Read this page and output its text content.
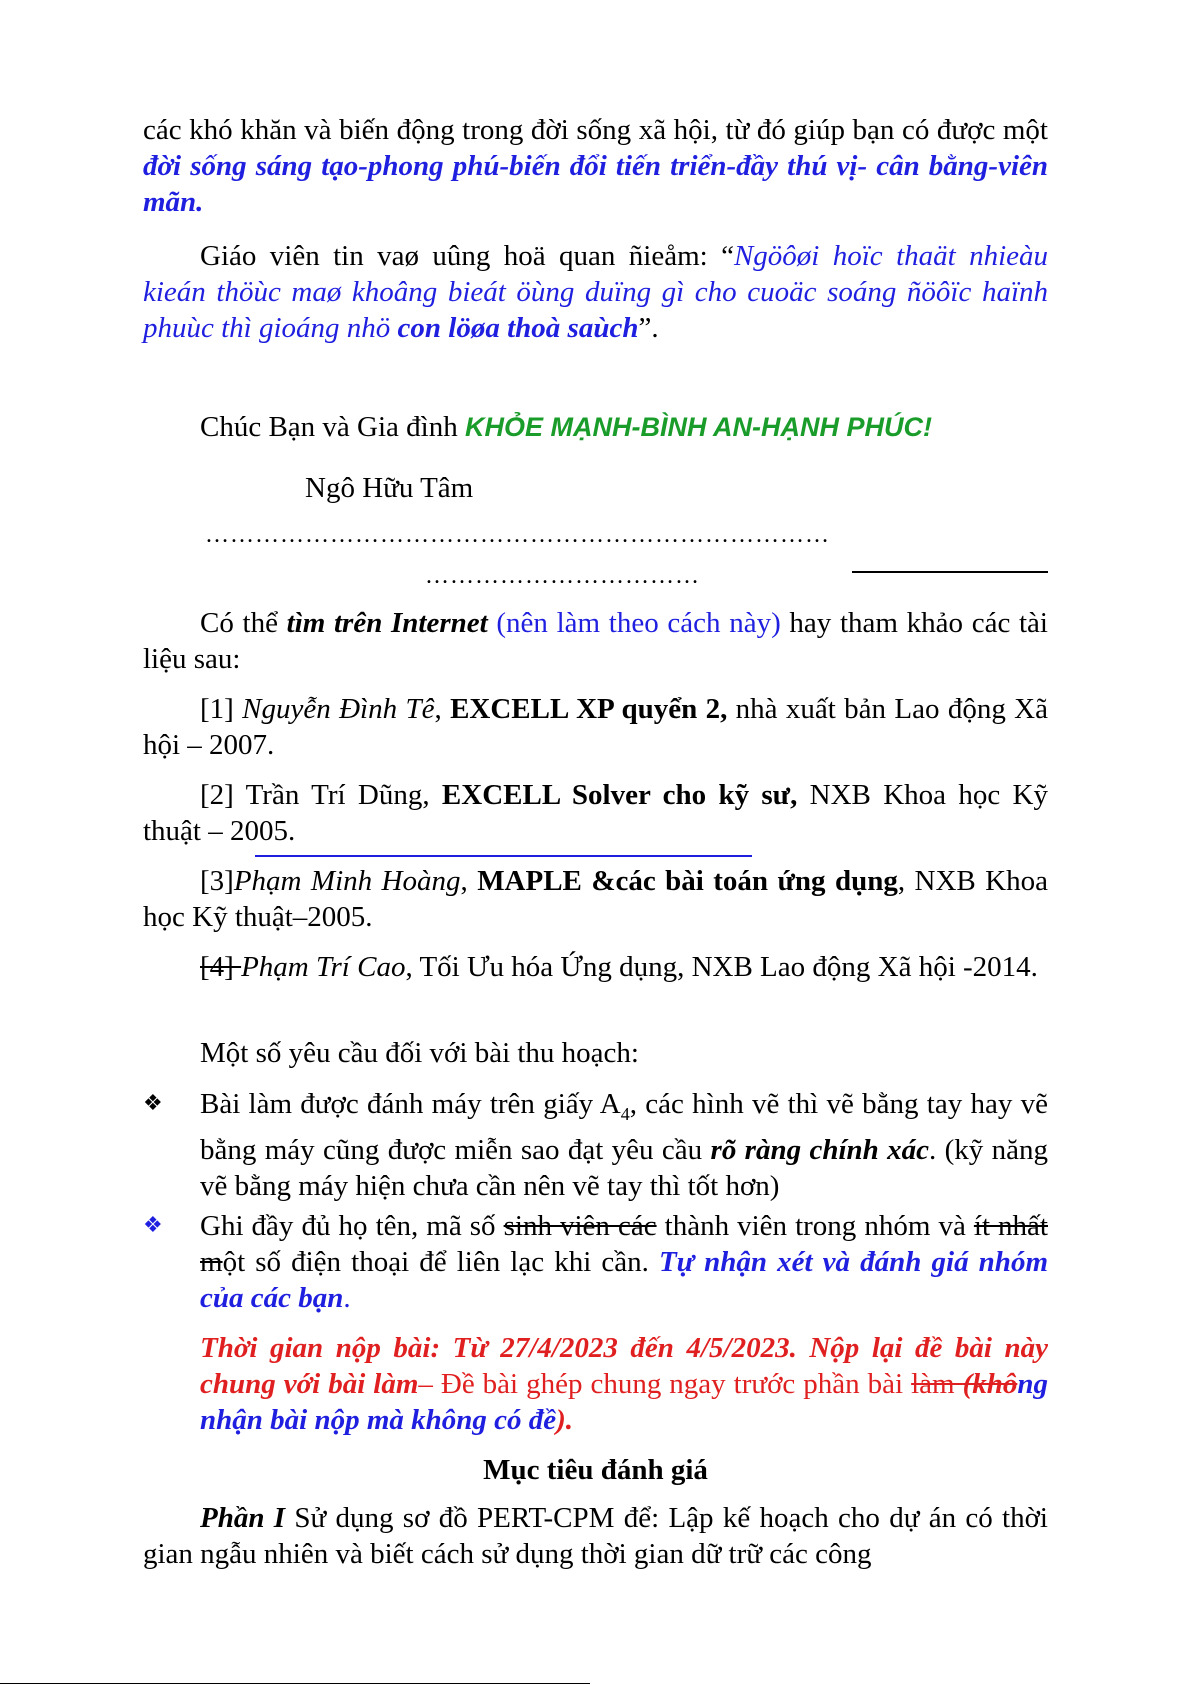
các khó khăn và biến động trong đời sống xã hội, từ đó giúp bạn có được một đời sống sáng tạo-phong phú-biến đổi tiến triển-đầy thú vị- cân bằng-viên mãn.
Giáo viên tin vaø uûng hoä quan ñieåm: “Ngöôøi hoïc thaät nhieàu kieán thöùc maø khoâng bieát öùng duïng gì cho cuoäc soáng ñöôïc haïnh phuùc thì gioáng nhö con löøa thoà saùch”.
Chúc Bạn và Gia đình KHỎE MẠNH-BÌNH AN-HẠNH PHÚC!
Ngô Hữu Tâm
…………………………………………………………………
……………………………
Có thể tìm trên Internet (nên làm theo cách này) hay tham khảo các tài liệu sau:
[1] Nguyễn Đình Tê, EXCELL XP quyển 2, nhà xuất bản Lao động Xã hội – 2007.
[2] Trần Trí Dũng, EXCELL Solver cho kỹ sư, NXB Khoa học Kỹ thuật – 2005.
[3]Phạm Minh Hoàng, MAPLE &các bài toán ứng dụng, NXB Khoa học Kỹ thuật–2005.
[4] Phạm Trí Cao, Tối Ưu hóa Ứng dụng, NXB Lao động Xã hội -2014.
Một số yêu cầu đối với bài thu hoạch:
❖	Bài làm được đánh máy trên giấy $A_4$, các hình vẽ thì vẽ bằng tay hay vẽ bằng máy cũng được miễn sao đạt yêu cầu rõ ràng chính xác. (kỹ năng vẽ bằng máy hiện chưa cần nên vẽ tay thì tốt hơn)
❖	Ghi đầy đủ họ tên, mã số sinh viên các thành viên trong nhóm và ít nhất một số điện thoại để liên lạc khi cần. Tự nhận xét và đánh giá nhóm của các bạn.
Thời gian nộp bài: Từ 27/4/2023 đến 4/5/2023. Nộp lại đề bài này chung với bài làm– Đề bài ghép chung ngay trước phần bài làm (không nhận bài nộp mà không có đề).
Mục tiêu đánh giá
Phần I Sử dụng sơ đồ PERT-CPM để: Lập kế hoạch cho dự án có thời gian ngẫu nhiên và biết cách sử dụng thời gian dữ trữ các công
